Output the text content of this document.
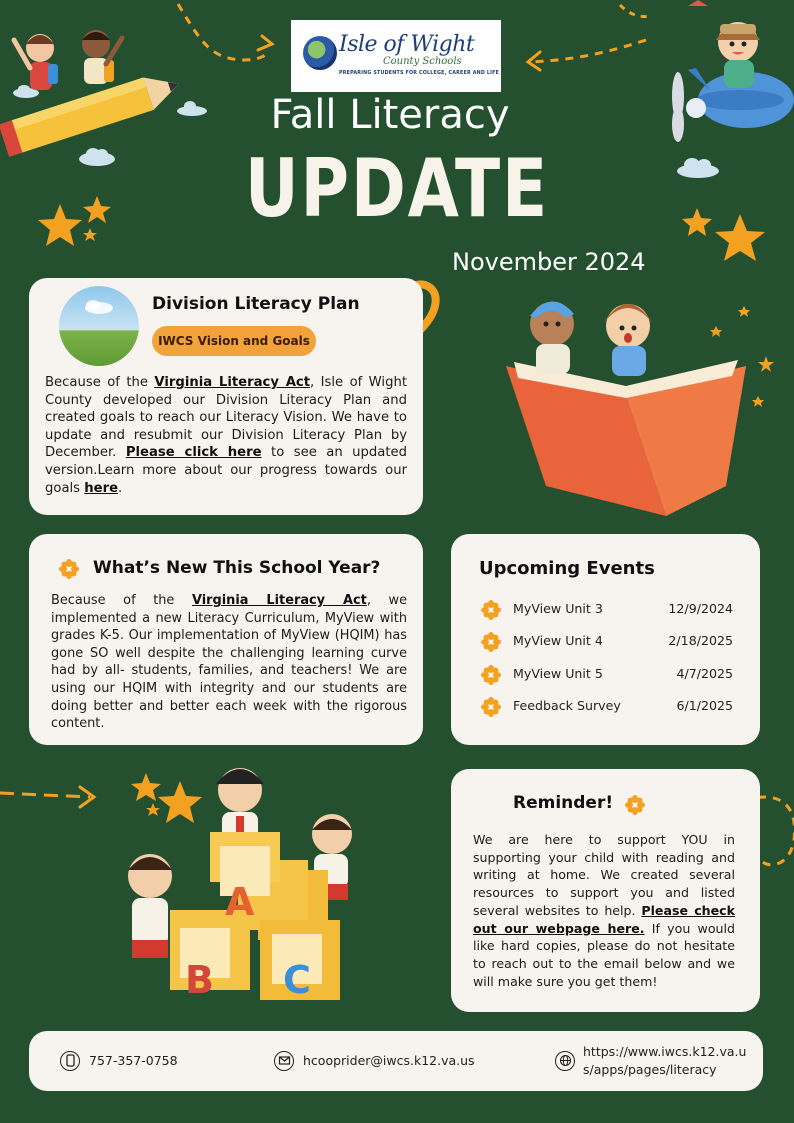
A
B C
Isle of Wight
County Schools
PREPARING STUDENTS FOR COLLEGE, CAREER AND LIFE
Fall Literacy
UPDATE
November 2024
Division Literacy Plan
IWCS Vision and Goals
Because of the Virginia Literacy Act, Isle of Wight County developed our Division Literacy Plan and created goals to reach our Literacy Vision. We have to update and resubmit our Division Literacy Plan by December. Please click here to see an updated version.Learn more about our progress towards our goals here.
What’s New This School Year?
Because of the Virginia Literacy Act, we implemented a new Literacy Curriculum, MyView with grades K-5. Our implementation of MyView (HQIM) has gone SO well despite the challenging learning curve had by all- students, families, and teachers! We are using our HQIM with integrity and our students are doing better and better each week with the rigorous content.
Upcoming Events
MyView Unit 3	12/9/2024
MyView Unit 4	2/18/2025
MyView Unit 5	4/7/2025
Feedback Survey	6/1/2025
Reminder!
We are here to support YOU in supporting your child with reading and writing at home. We created several resources to support you and listed several websites to help. Please check out our webpage here. If you would like hard copies, please do not hesitate to reach out to the email below and we will make sure you get them!
757-357-0758	hcooprider@iwcs.k12.va.us
https://www.iwcs.k12.va.u
s/apps/pages/literacy
